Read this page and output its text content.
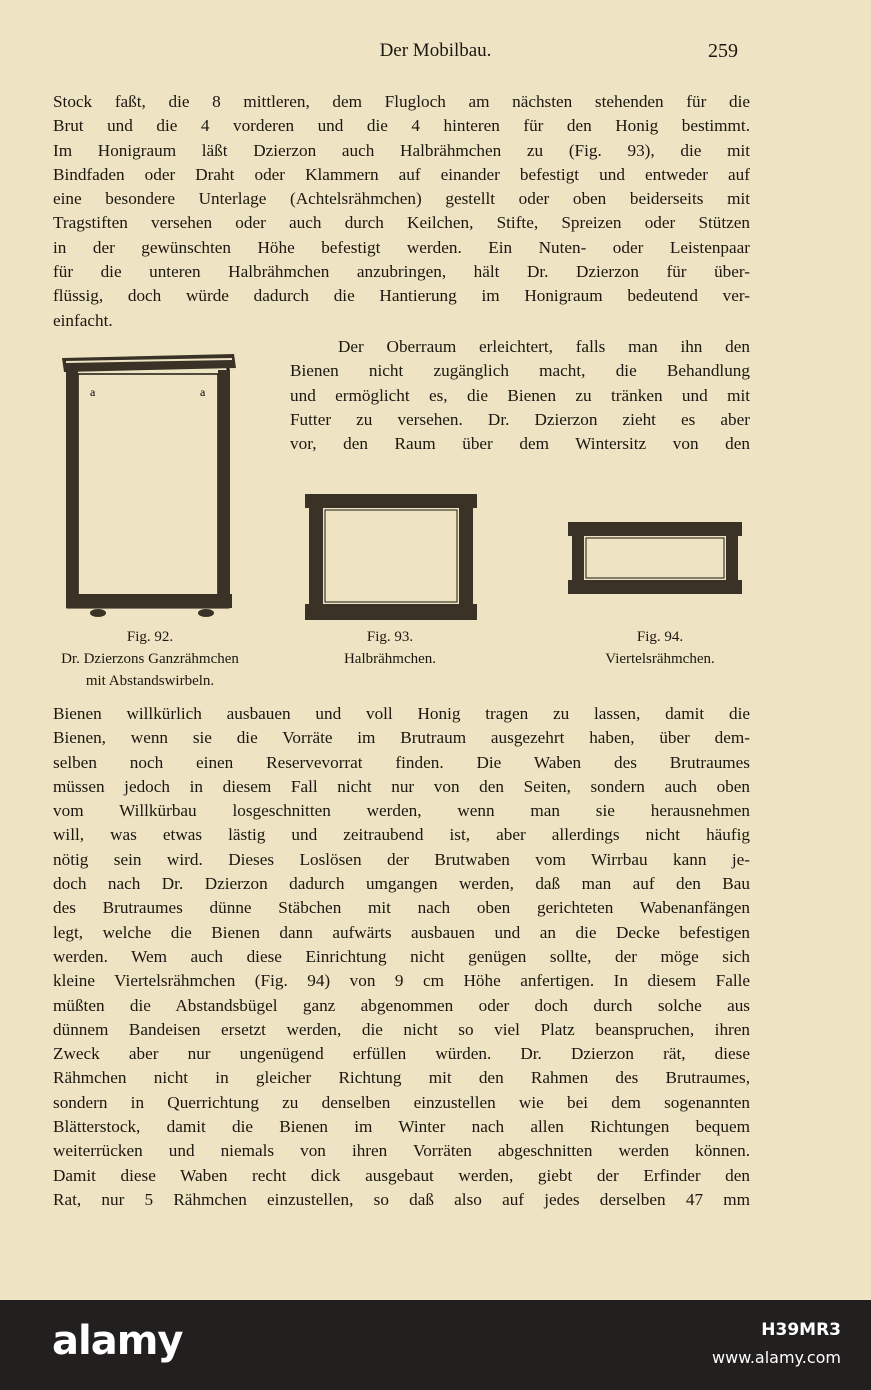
Der Mobilbau.	259
Stock faßt, die 8 mittleren, dem Flugloch am nächsten stehenden für die
Brut und die 4 vorderen und die 4 hinteren für den Honig bestimmt.
Im Honigraum läßt Dzierzon auch Halbrähmchen zu (Fig. 93), die mit
Bindfaden oder Draht oder Klammern auf einander befestigt und entweder auf
eine besondere Unterlage (Achtelsrähmchen) gestellt oder oben beiderseits mit
Tragstiften versehen oder auch durch Keilchen, Stifte, Spreizen oder Stützen
in der gewünschten Höhe befestigt werden. Ein Nuten- oder Leistenpaar
für die unteren Halbrähmchen anzubringen, hält Dr. Dzierzon für über-
flüssig, doch würde dadurch die Hantierung im Honigraum bedeutend ver-
einfacht.
Der Oberraum erleichtert, falls man ihn den
Bienen nicht zugänglich macht, die Behandlung
und ermöglicht es, die Bienen zu tränken und mit
Futter zu versehen. Dr. Dzierzon zieht es aber
vor, den Raum über dem Wintersitz von den
a	a
Fig. 92.
Dr. Dzierzons Ganzrähmchen
mit Abstandswirbeln.
Fig. 93.
Halbrähmchen.
Fig. 94.
Viertelsrähmchen.
Bienen willkürlich ausbauen und voll Honig tragen zu lassen, damit die
Bienen, wenn sie die Vorräte im Brutraum ausgezehrt haben, über dem-
selben noch einen Reservevorrat finden. Die Waben des Brutraumes
müssen jedoch in diesem Fall nicht nur von den Seiten, sondern auch oben
vom Willkürbau losgeschnitten werden, wenn man sie herausnehmen
will, was etwas lästig und zeitraubend ist, aber allerdings nicht häufig
nötig sein wird. Dieses Loslösen der Brutwaben vom Wirrbau kann je-
doch nach Dr. Dzierzon dadurch umgangen werden, daß man auf den Bau
des Brutraumes dünne Stäbchen mit nach oben gerichteten Wabenanfängen
legt, welche die Bienen dann aufwärts ausbauen und an die Decke befestigen
werden. Wem auch diese Einrichtung nicht genügen sollte, der möge sich
kleine Viertelsrähmchen (Fig. 94) von 9 cm Höhe anfertigen. In diesem Falle
müßten die Abstandsbügel ganz abgenommen oder doch durch solche aus
dünnem Bandeisen ersetzt werden, die nicht so viel Platz beanspruchen, ihren
Zweck aber nur ungenügend erfüllen würden. Dr. Dzierzon rät, diese
Rähmchen nicht in gleicher Richtung mit den Rahmen des Brutraumes,
sondern in Querrichtung zu denselben einzustellen wie bei dem sogenannten
Blätterstock, damit die Bienen im Winter nach allen Richtungen bequem
weiterrücken und niemals von ihren Vorräten abgeschnitten werden können.
Damit diese Waben recht dick ausgebaut werden, giebt der Erfinder den
Rat, nur 5 Rähmchen einzustellen, so daß also auf jedes derselben 47 mm
alamy	H39MR3
www.alamy.com
